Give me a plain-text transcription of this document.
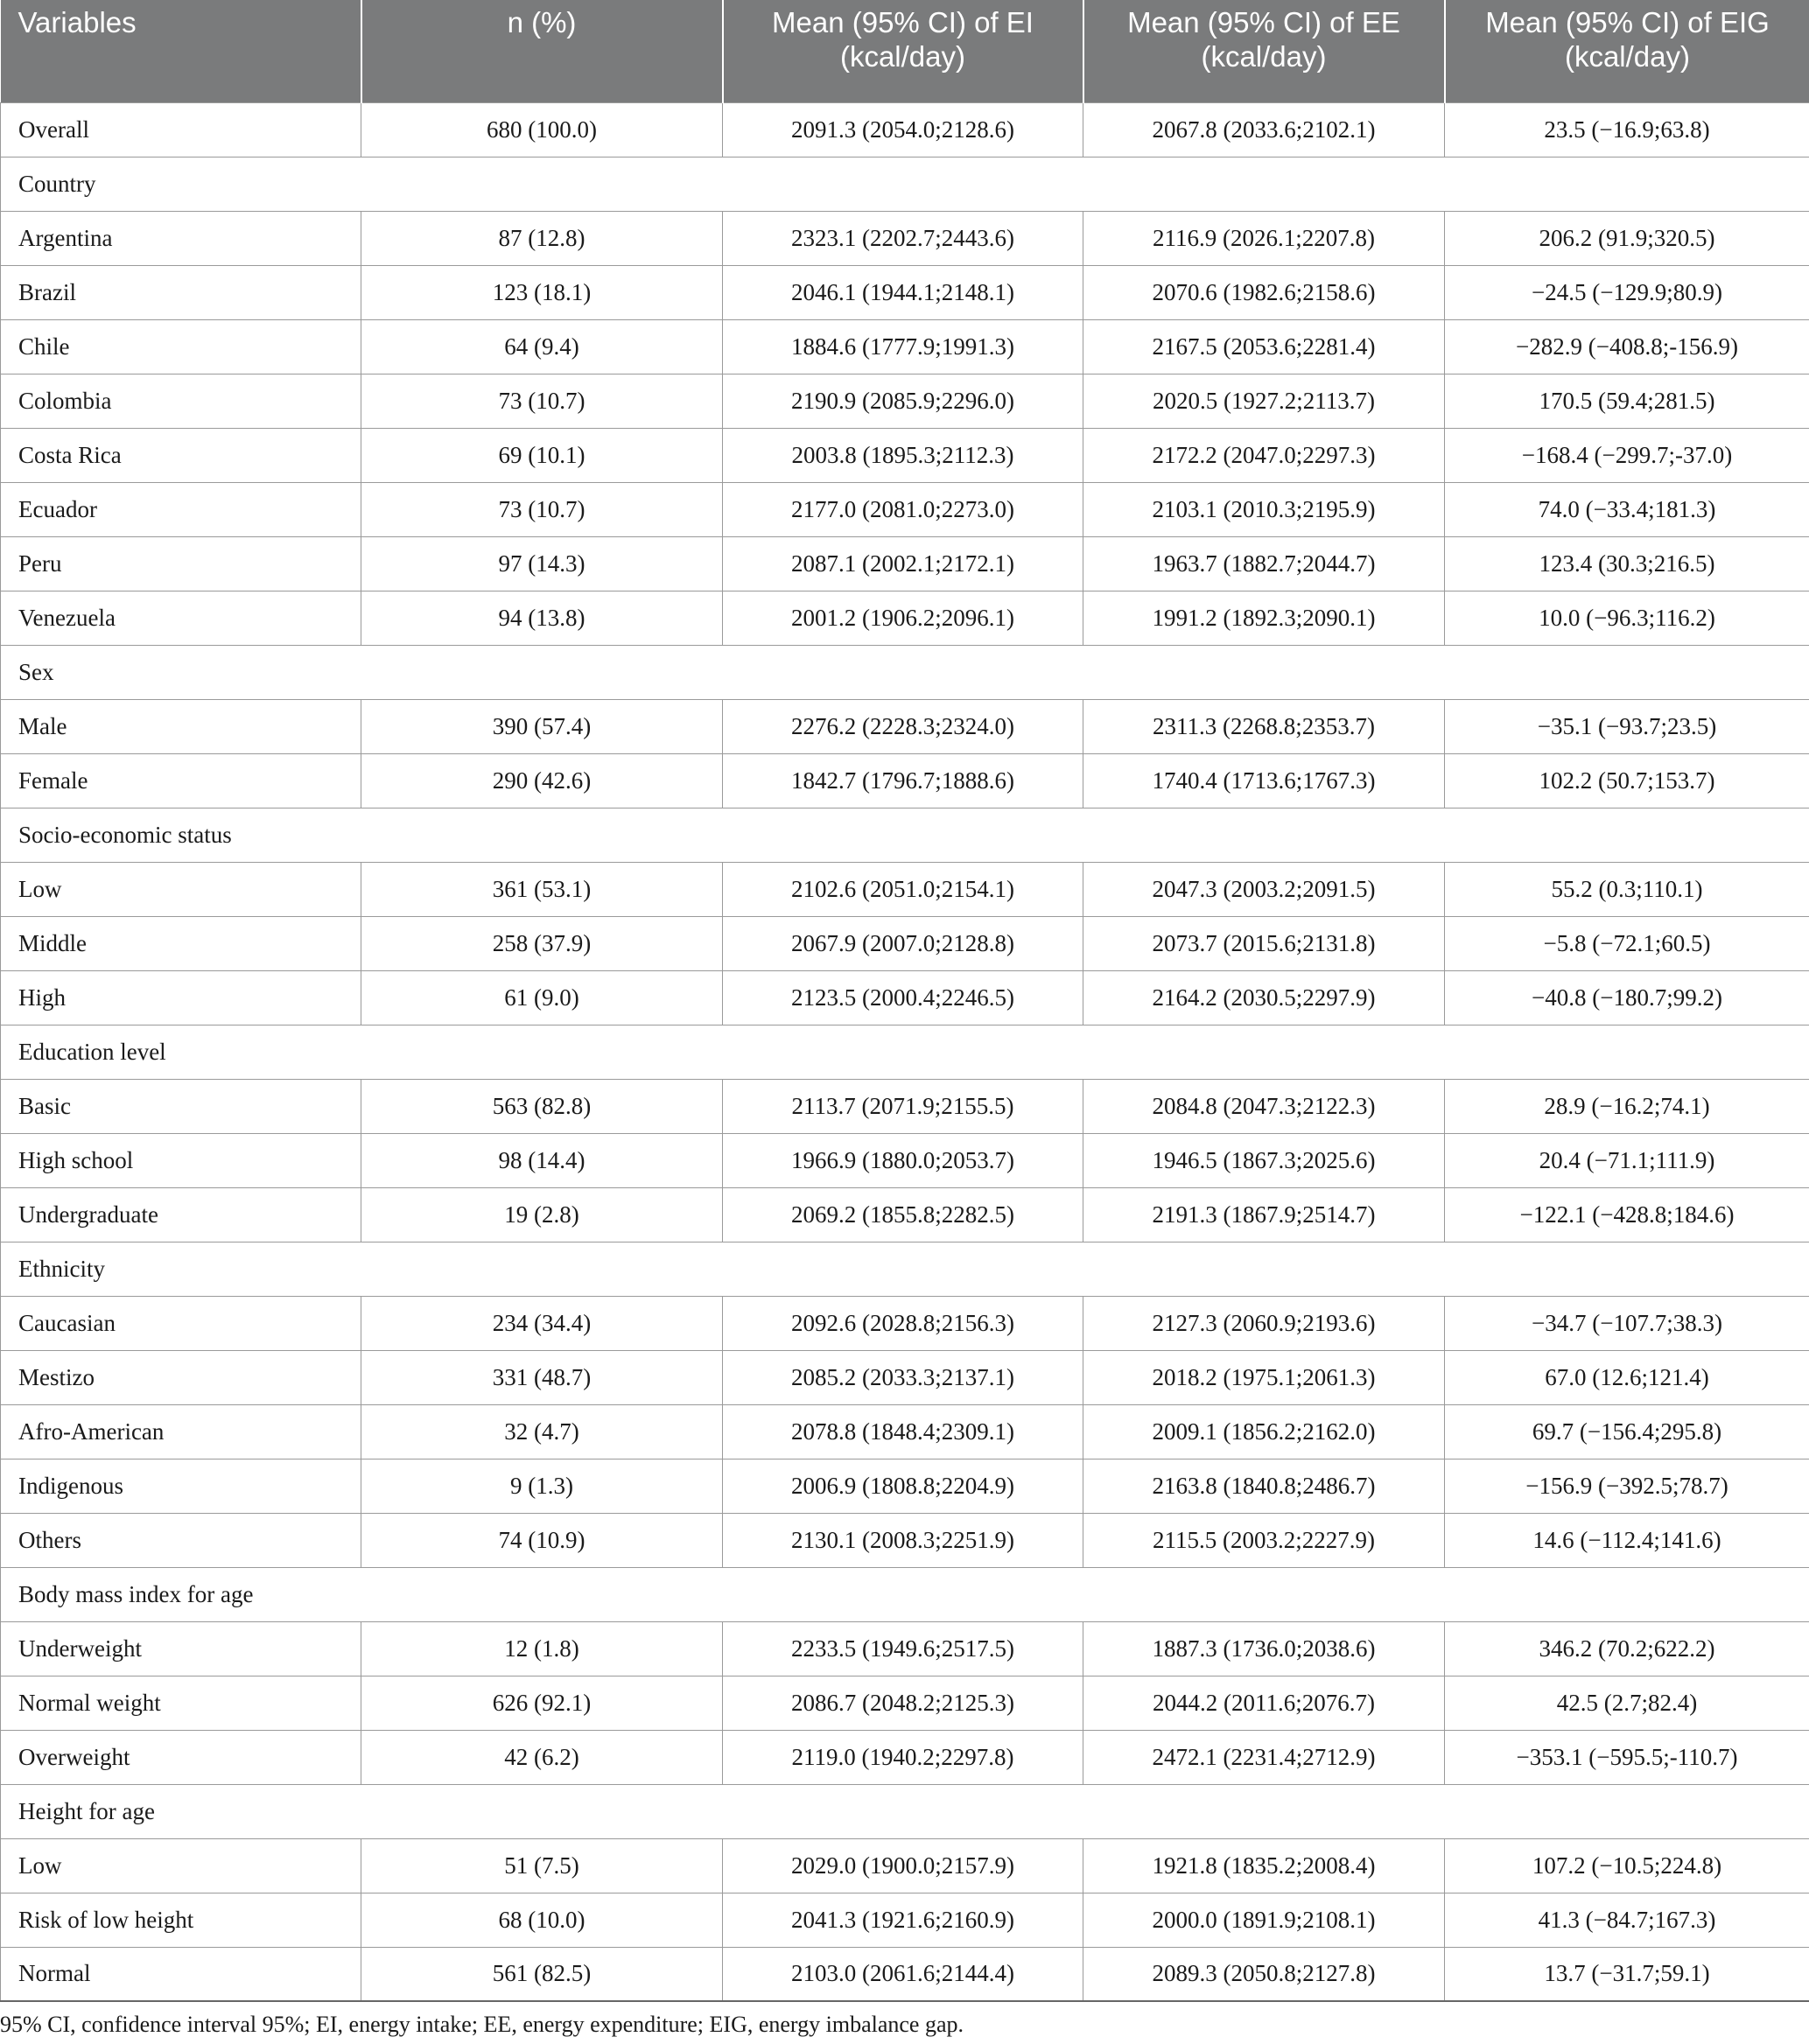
Variables	n (%)	Mean (95% CI) of EI (kcal/day)	Mean (95% CI) of EE (kcal/day)	Mean (95% CI) of EIG (kcal/day)
Overall	680 (100.0)	2091.3 (2054.0;2128.6)	2067.8 (2033.6;2102.1)	23.5 (−16.9;63.8)
Country				
Argentina	87 (12.8)	2323.1 (2202.7;2443.6)	2116.9 (2026.1;2207.8)	206.2 (91.9;320.5)
Brazil	123 (18.1)	2046.1 (1944.1;2148.1)	2070.6 (1982.6;2158.6)	−24.5 (−129.9;80.9)
Chile	64 (9.4)	1884.6 (1777.9;1991.3)	2167.5 (2053.6;2281.4)	−282.9 (−408.8;-156.9)
Colombia	73 (10.7)	2190.9 (2085.9;2296.0)	2020.5 (1927.2;2113.7)	170.5 (59.4;281.5)
Costa Rica	69 (10.1)	2003.8 (1895.3;2112.3)	2172.2 (2047.0;2297.3)	−168.4 (−299.7;-37.0)
Ecuador	73 (10.7)	2177.0 (2081.0;2273.0)	2103.1 (2010.3;2195.9)	74.0 (−33.4;181.3)
Peru	97 (14.3)	2087.1 (2002.1;2172.1)	1963.7 (1882.7;2044.7)	123.4 (30.3;216.5)
Venezuela	94 (13.8)	2001.2 (1906.2;2096.1)	1991.2 (1892.3;2090.1)	10.0 (−96.3;116.2)
Sex				
Male	390 (57.4)	2276.2 (2228.3;2324.0)	2311.3 (2268.8;2353.7)	−35.1 (−93.7;23.5)
Female	290 (42.6)	1842.7 (1796.7;1888.6)	1740.4 (1713.6;1767.3)	102.2 (50.7;153.7)
Socio-economic status				
Low	361 (53.1)	2102.6 (2051.0;2154.1)	2047.3 (2003.2;2091.5)	55.2 (0.3;110.1)
Middle	258 (37.9)	2067.9 (2007.0;2128.8)	2073.7 (2015.6;2131.8)	−5.8 (−72.1;60.5)
High	61 (9.0)	2123.5 (2000.4;2246.5)	2164.2 (2030.5;2297.9)	−40.8 (−180.7;99.2)
Education level				
Basic	563 (82.8)	2113.7 (2071.9;2155.5)	2084.8 (2047.3;2122.3)	28.9 (−16.2;74.1)
High school	98 (14.4)	1966.9 (1880.0;2053.7)	1946.5 (1867.3;2025.6)	20.4 (−71.1;111.9)
Undergraduate	19 (2.8)	2069.2 (1855.8;2282.5)	2191.3 (1867.9;2514.7)	−122.1 (−428.8;184.6)
Ethnicity				
Caucasian	234 (34.4)	2092.6 (2028.8;2156.3)	2127.3 (2060.9;2193.6)	−34.7 (−107.7;38.3)
Mestizo	331 (48.7)	2085.2 (2033.3;2137.1)	2018.2 (1975.1;2061.3)	67.0 (12.6;121.4)
Afro-American	32 (4.7)	2078.8 (1848.4;2309.1)	2009.1 (1856.2;2162.0)	69.7 (−156.4;295.8)
Indigenous	9 (1.3)	2006.9 (1808.8;2204.9)	2163.8 (1840.8;2486.7)	−156.9 (−392.5;78.7)
Others	74 (10.9)	2130.1 (2008.3;2251.9)	2115.5 (2003.2;2227.9)	14.6 (−112.4;141.6)
Body mass index for age				
Underweight	12 (1.8)	2233.5 (1949.6;2517.5)	1887.3 (1736.0;2038.6)	346.2 (70.2;622.2)
Normal weight	626 (92.1)	2086.7 (2048.2;2125.3)	2044.2 (2011.6;2076.7)	42.5 (2.7;82.4)
Overweight	42 (6.2)	2119.0 (1940.2;2297.8)	2472.1 (2231.4;2712.9)	−353.1 (−595.5;-110.7)
Height for age				
Low	51 (7.5)	2029.0 (1900.0;2157.9)	1921.8 (1835.2;2008.4)	107.2 (−10.5;224.8)
Risk of low height	68 (10.0)	2041.3 (1921.6;2160.9)	2000.0 (1891.9;2108.1)	41.3 (−84.7;167.3)
Normal	561 (82.5)	2103.0 (2061.6;2144.4)	2089.3 (2050.8;2127.8)	13.7 (−31.7;59.1)
95% CI, confidence interval 95%; EI, energy intake; EE, energy expenditure; EIG, energy imbalance gap.
